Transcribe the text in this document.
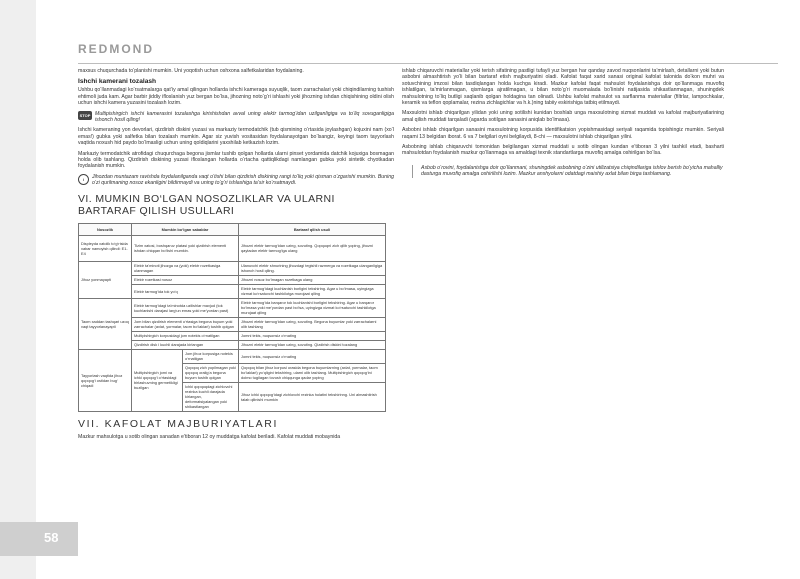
58
REDMOND

maxsus chuqurchada to‘planishi mumkin. Uni yoqotish uchun oshxona salfetkalaridan foydalaning.

Ishchi kamerani tozalash

Ushbu qo‘llanmadagi ko‘rsatmalarga qat’iy amal qilingan hollarda ishchi kameraga suyuqlik, taom zarrachalari yoki chiqindilarning tushish ehtimoli juda kam. Agar barbir jiddiy ifloslanish yuz bergan bo‘lsa, jihozning noto‘g‘ri ishlashi yoki jihozning ishdan chiqishining oldini olish uchun ishchi kamera yuzasini tozalash lozim.

STOP Multipishirgich ishchi kamerasini tozalashga kirishishdan avval uning elektr tarmog‘idan uzilganligiga va to‘liq sovuganligiga ishonch hosil qiling!

Ishchi kameraning yon devorlari, qizdirish diskini yuzasi va markaziy termodatchik (tub qismining o‘rtasida joylashgan) kojuxini nam (xo‘l emas!) gubka yoki salfetka bilan tozalash mumkin. Agar siz yuvish vositasidan foydalanayotgan bo‘lsangiz, keyingi taom tayyorlash vaqtida noxush hid paydo bo‘lmasligi uchun uning qoldiqlarini yaxshilab ketkazish lozim.

Markaziy termodatchik atrofidagi chuqurchaga begona jismlar tushib qolgan hollarda ularni pinset yordamida datchik kojuxiga bosmagan holda olib tashlang. Qizdirish diskining yuzasi ifloslangan hollarda o‘rtacha qattiqlikdagi namlangan gubka yoki sintetik chyotkadan foydalanish mumkin.

i	Jihozdan muntazam ravishda foydalanilganda vaqt o‘tishi bilan qizdirish diskining rangi to‘liq yoki qisman o‘zgarishi mumkin. Buning o‘zi qurilmaning nosoz ekanligini bildirmaydi va uning to‘g‘ri ishlashiga ta’sir ko‘rsatmaydi.

VI. MUMKIN BO‘LGAN NOSOZLIKLAR VA ULARNI BARTARAF QILISH USULLARI
Nosozlik	Mumkin bo‘lgan sabablar		Bartaraf qilish usuli
Displeyda xatolik to‘g‘risida xabar namoyish qilindi: E1-E4	Tizim xatosi, boshqaruv platasi yoki qizdirish elementi ishdan chiqqan bo‘lishi mumkin.		Jihozni elektr tarmog‘idan uzing, sovuting. Qopqoqni zich qilib yoping, jihozni qaytadan elektr tarmog‘iga ulang
Jihoz yonmayapti	Elektr ta’minoti jihozga va (yoki) elektr rozetkasiga ulanmagan		Ulanuvchi elektr shnurining jihozdagi tegishli razmerga va rozetkaga ulanganligiga ishonch hosil qiling.
	Elektr rozetkasi nosoz		Jihozni nosoz bo‘lmagan rozetkaga ulang
	Elektr tarmog‘ida tok yo‘q		Elektr tarmog‘idagi kuchlanish borligini tekshiring. Agar u bo‘lmasa, uyingizga xizmat ko‘rsatuvchi tashkilotga murojaat qiling
Taom xaddan tashqari uzoq vaqt tayyorlanayapti	Elektr tarmog‘idagi ta’minotda uzilishlar mavjud (tok kuchlanishi darajasi larg‘un emas yoki me’yordan past)		Elektr tarmog‘ida barqaror tok kuchlanishi borligini tekshiring. Agar u barqaror bo‘lmasa yoki me’yordan past bo‘lsa, uyingizga xizmat ko‘rsatuvchi tashkilotga murojaat qiling
	Jom bilan qizdirish elementi o‘rtasiga begona buyum yoki zarrachalar (axlat, yormalar, taom bo‘laklari) tushib qolgan		Jihozni elektr tarmog‘idan uzing, sovuting. Begona buyumlar yoki zarrachalarni olib tashlang
	Multipishirgich korpusidagi jom notekis o‘rnatilgan		Jomni tekis, nuqsonsiz o‘rnating
	Qizdirish disk i kuchli darajada kirlangan		Jihozni elektr tarmog‘idan uzing, sovuting. Qizdirish diskini tozalang
Tayyorlash vaqtida jihoz qopqog‘i ostidan bug‘ chiqadi	Multipishirgich jomi va ichki qopqog‘i o‘rtasidagi birlashuvning germetikligi buzilgan	Jom jihoz korpusiga notekis o‘rnatilgan	Jomni tekis, nuqsonsiz o‘rnating
		Qopqoq zich yopilmagan yoki qopqoq oralig‘a begona buyum tushib qolgan	Qopqoq bilan jihoz korpusi orasida begona buyumlarning (axlat, yormalar, taom bo‘laklari) yo‘qligini tekshiring, ularni olib tashlang. Multipishirgich qopqog‘ini doimo tugilagan tovush chiqqunga qadar yoping
		Ichki qopqoqdagi zichlovchi rezinka kuchli darajada kirlangan, deformatsiyalangan yoki shikastlangan	Jihoz ichki qopqog‘idagi zichlovchi rezinka holatini tekshirinng. Uni almashtirish talab qilinishi mumkin
VII. KAFOLAT MAJBURIYATLARI

Mazkur mahsulotga u sotib olingan sanadan e’tiboran 12 oy muddatga kafolat beriladi. Kafolat muddati mobaynida

ishlab chiqaruvchi materiallar yoki terish sifatining pastligi tufayli yuz bergan har qanday zavod nuqsonlarini ta’mirlash, detallarni yoki butun asbobni almashtirish yo‘li bilan bartaraf etish majburiyatini oladi. Kafolat faqat xarid sanasi original kafolat talonida do‘kon muhri va sotuvchining imzosi bilan tasdiqlangan holda kuchga kiradi. Mazkur kafolat faqat mahsulot foydalanishga doir qo‘llanmaga muvofiq ishlatilgan, ta’mirlanmagan, qismlarga ajratilmagan, u bilan noto‘g‘ri muomalada bo‘linishi natijasida shikastlanmagan, shuningdek mahsulotning to‘liq butligi saqlanib qolgan holdagina tan olinadi. Ushbu kafolat mahsulot va sarflanma materiallar (filtrlar, lampochkalar, keramik va teflon qoplamalar, rezina zichlagichlar va h.k.)ning tabiiy eskirishiga tatbiq etilmaydi.

Maxsulotni ishlab chiqarilgan yilidan yoki uning sotilishi kunidan boshlab unga maxsulotning xizmat muddati va kafolat majburiyatlarining amal qilish muddati tarqaladi (agarda sotilgan sanasini aniqlab bo‘lmasa).

Asbobni ishlab chiqarilgan sanasini maxsulotning korpusida identifikatsion yopishmasidagi seriyali raqamida topishingiz mumkin. Seriyali raqami 13 belgidan iborat. 6 va 7 belgilari oyni belgilaydi, 8-chi — maxsulotni ishlab chiqarilgan yilini.

Asbobning ishlab chiqaruvchi tomonidan belgilangan xizmat muddati u sotib olingan kundan e’tiboran 3 yilni tashkil etadi, basharti mahsulotdan foydalanish mazkur qo‘llanmaga va amaldagi texnik standartlarga muvofiq amalga oshirilgan bo‘lsa.

Asbob o‘rovini, foydalanishga doir qo‘llanmani, shuningdek asbobning o‘zini utilizatsiya chiqindilariga ishlov berish bo‘yicha mahalliy dasturga muvofiq amalga oshirilishi lozim. Mazkur anshyolarni odatdagi maishiy axlat bilan birga tashlamang.
